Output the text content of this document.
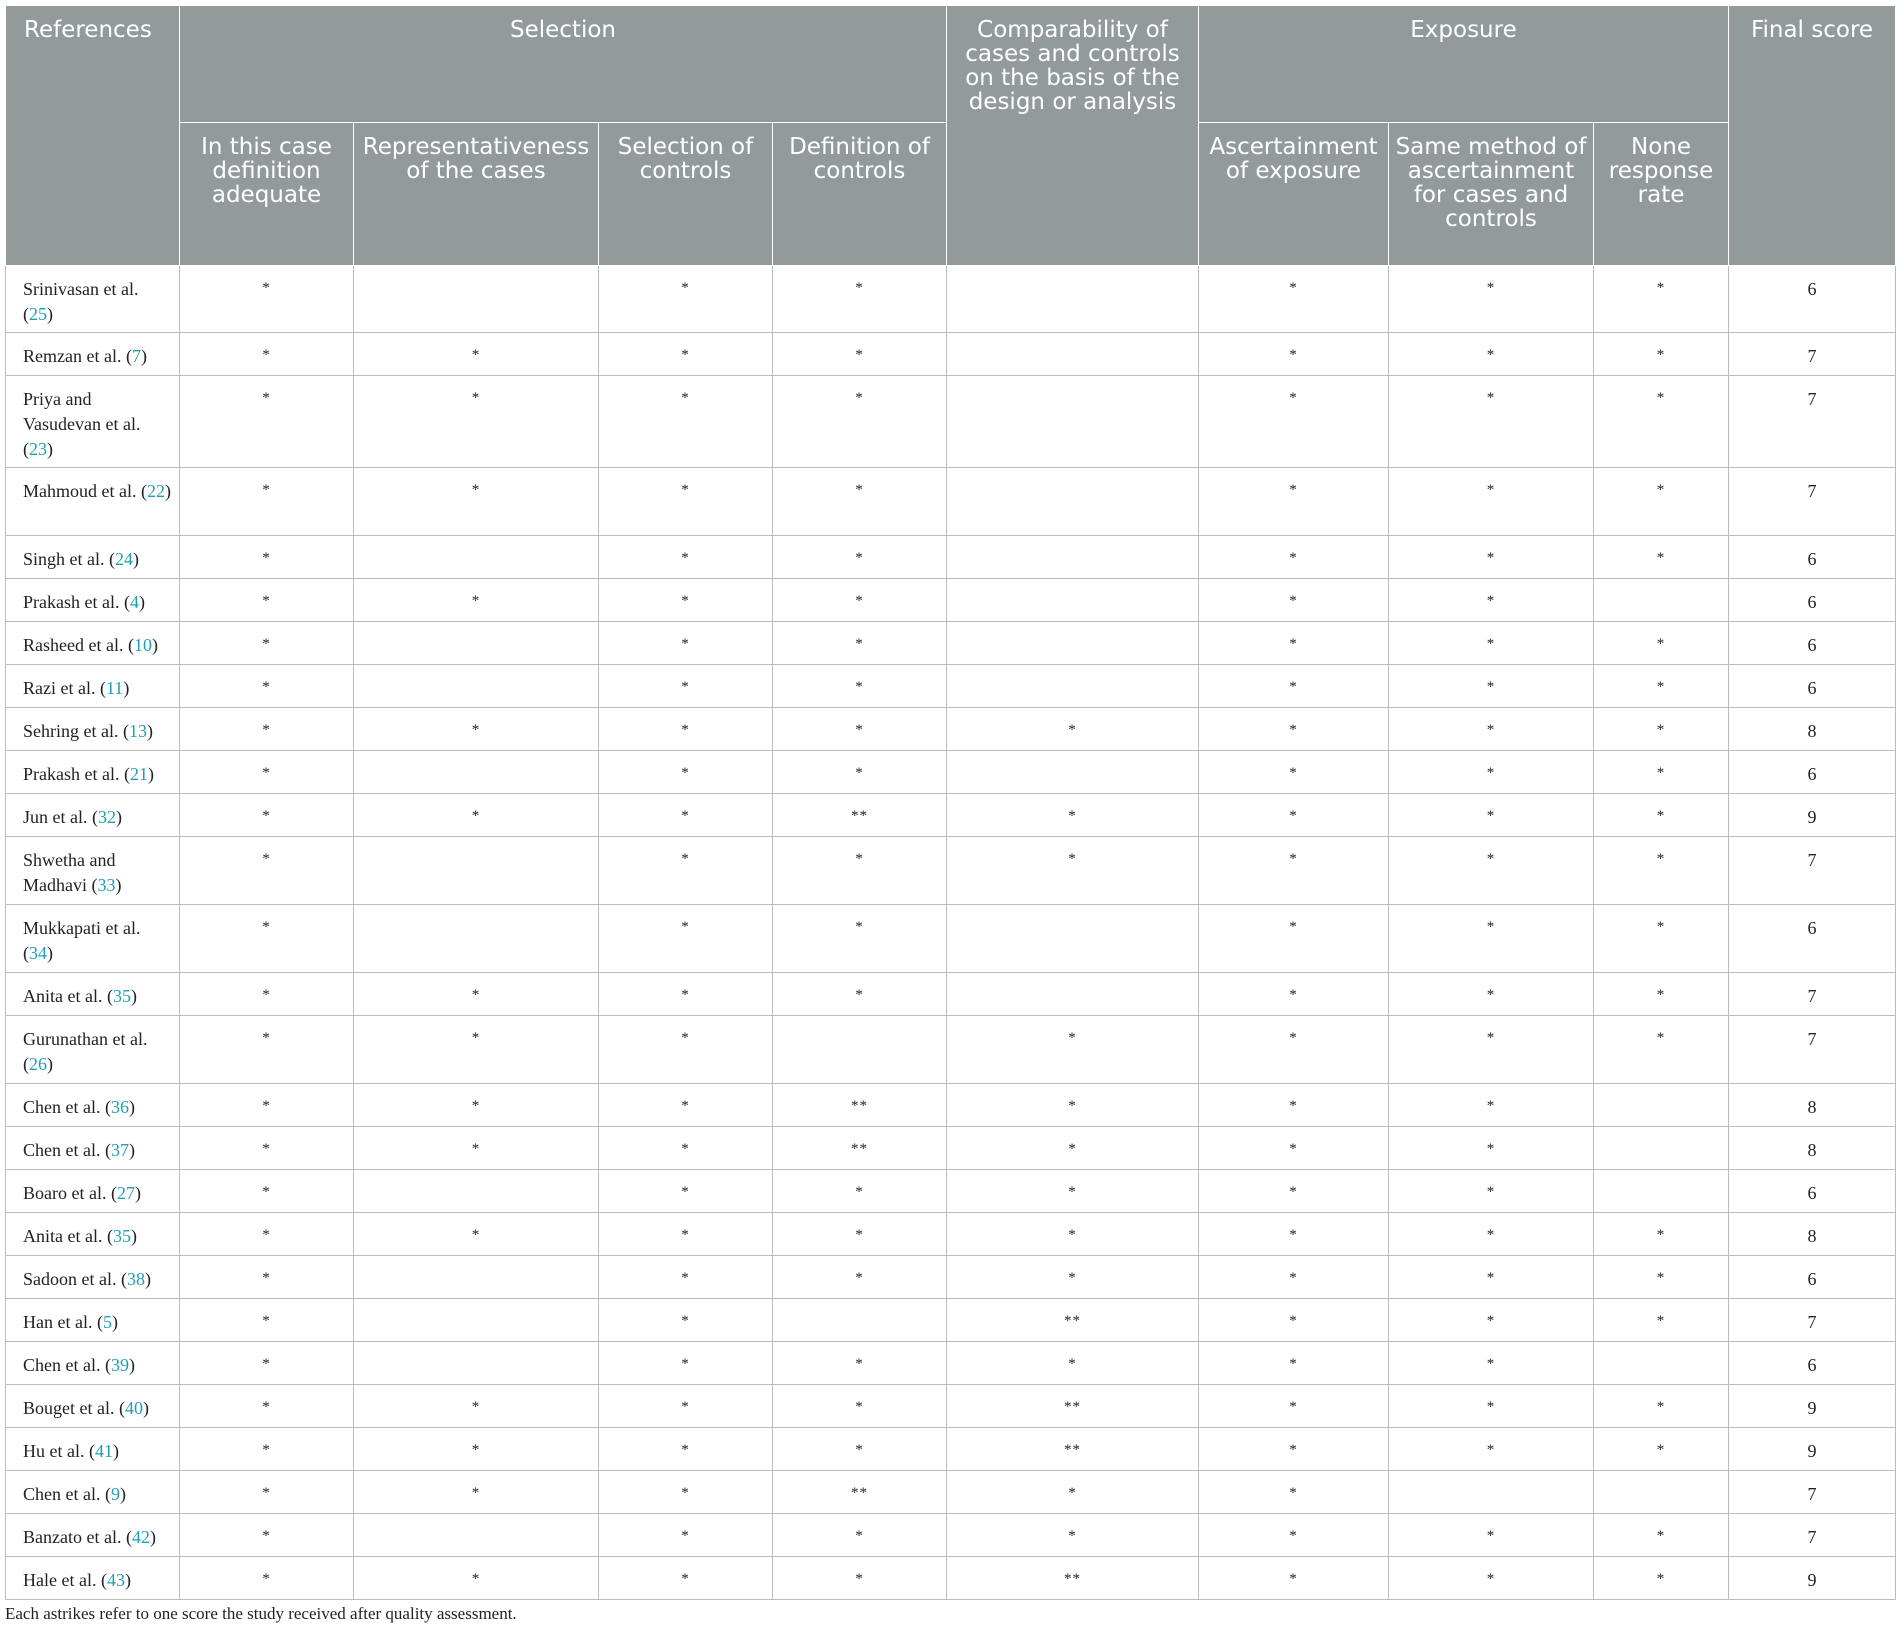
References	Selection				Comparability of cases and controls on the basis of the design or analysis	Exposure			Final score
	In this case definition adequate	Representativeness of the cases	Selection of controls	Definition of controls		Ascertainment of exposure	Same method of ascertainment for cases and controls	None response rate	
Srinivasan et al. (25)	*		*	*		*	*	*	6
Remzan et al. (7)	*	*	*	*		*	*	*	7
Priya and Vasudevan et al. (23)	*	*	*	*		*	*	*	7
Mahmoud et al. (22)	*	*	*	*		*	*	*	7
Singh et al. (24)	*		*	*		*	*	*	6
Prakash et al. (4)	*	*	*	*		*	*		6
Rasheed et al. (10)	*		*	*		*	*	*	6
Razi et al. (11)	*		*	*		*	*	*	6
Sehring et al. (13)	*	*	*	*	*	*	*	*	8
Prakash et al. (21)	*		*	*		*	*	*	6
Jun et al. (32)	*	*	*	**	*	*	*	*	9
Shwetha and Madhavi (33)	*		*	*	*	*	*	*	7
Mukkapati et al. (34)	*		*	*		*	*	*	6
Anita et al. (35)	*	*	*	*		*	*	*	7
Gurunathan et al. (26)	*	*	*		*	*	*	*	7
Chen et al. (36)	*	*	*	**	*	*	*		8
Chen et al. (37)	*	*	*	**	*	*	*		8
Boaro et al. (27)	*		*	*	*	*	*		6
Anita et al. (35)	*	*	*	*	*	*	*	*	8
Sadoon et al. (38)	*		*	*	*	*	*	*	6
Han et al. (5)	*		*		**	*	*	*	7
Chen et al. (39)	*		*	*	*	*	*		6
Bouget et al. (40)	*	*	*	*	**	*	*	*	9
Hu et al. (41)	*	*	*	*	**	*	*	*	9
Chen et al. (9)	*	*	*	**	*	*			7
Banzato et al. (42)	*		*	*	*	*	*	*	7
Hale et al. (43)	*	*	*	*	**	*	*	*	9
Each astrikes refer to one score the study received after quality assessment.
